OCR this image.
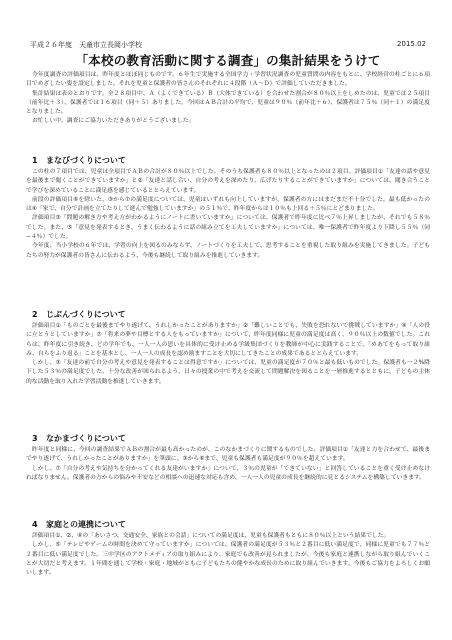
平成２６年度　天童市立長岡小学校	2015.02
「本校の教育活動に関する調査」の集計結果をうけて

今年度調査の評価項目は、昨年度とほぼ同じものです。６年生で実施する全国学力・学習状況調査の児童質問の内容をもとに、学校経営の柱ごとに６項目でめざしたい姿を設定しました。それを児童と保護者の皆さんのそれぞれに４段階（Ａ〜Ｄ）で評価していただきました。

集計結果は表のとおりです。全２８項目中、Ａ（よくできている）Ｂ（大体できている）を合わせた割合が８０％以上をしめたのは、児童では２５項目（前年比＋３）、保護者では１６項目（同＋５）ありました。今回はＡＢ合計の平均で、児童は９０％（前年比＋６）、保護者は７５％（同＋１）の満足度となりました。

お忙しい中、調査にご協力いただきありがとうございました。

1 まなびづくりについて

この柱の７項目では、児童は全項目でＡＢの合計が８０％以上でした。そのうち保護者も８０％以上となったのは２項目。評価項目①「友達の話や意見を最後まで聞くことができていますか」と②「友達と話し合い、自分の考えを深めたり、広げたりすることができていますか」については、聞き合うことで学びを深めていることに満足感を感じているととらえています。

前段の評価項目⑥を除いた、③から⑦の満足度については、児童はいずれも向上していますが、保護者の方にはまだまだ不十分でした。最も低かったのは④「家で、自分で計画を立てたりして進んで勉強していますか」の５１％で、昨年度からは１０％も上回る＋５％にとどまりました。

評価項目③「問題の解き方や考え方がわかるようにノートに書いていますか」については、保護者で昨年度に比べ７％上昇しましたが、それでも５８％でした。また、⑤「意見を発表するとき、うまく伝わるように話の組み立てを工夫していますか」については、唯一保護者で昨年度より下降し５５％（同−４％）でした。

今年度、当小学校の６年では、学習の向上を図るのみならず、ノートづくりを工夫して、思考することを重視した取り組みを実施してきました。子どもたちの努力が保護者の皆さんに伝わるよう、今後も継続して取り組みを推進していきます。

2 じぶんづくりについて

評価項目①「ものごとを最後までやり遂げて、うれしかったことがありますか」②「難しいことでも、失敗を恐れないで挑戦していますか」④「人の役に立とうとしていますか」⑦「将来の夢や目標とする人をもっていますか」について、昨年度同様に児童の満足度は高く、９０％以上の数値でした。これらは、昨年度に引き続き、どの学年でも、一人一人の思いを具体的に受け止める学級集団づくりを教師が中心に実践することで、「めあてをもって取り組み、自らをふり返る」ことを基本とし、一人一人の成長を認め励ますことを大切にしてきたことの成果であるととらえています。

しかし、③「友達の前で自分の考えや意見を発表することは得意ですか」については、児童の満足度が７０％と最も低いものでした。保護者も一２%降下した５３％の満足度でした。十分な改善が図られるよう、日々の授業の中で考えを交流して問題解決を図ることを一層推進するとともに、子どもの主体的な活動を取り入れた学習活動を推進していきます。

3 なかまづくりについて

昨年度と同様に、今回の調査結果でＡＢの割合が最も高かったのが、このなかまづくりに関するものでした。評価項目①「友達と力を合わせて、最後までやり遂げて、うれしかったことがありますか」を筆頭に、③から⑥まで、児童も保護者も満足度が９０％を超えています。

しかし、⑦「自分の考えや気持ちを分かってくれる友達がいますか」について、３％の児童が「できていない」と回答していることを重く受け止めなければなりません。保護者の方からの悩みや不安などの相談への迅速な対応も含め、一人一人の児童の成長を継続的に見とるシステムを構築していきます。

4 家庭との連携について

評価項目①、②、④の「あいさつ、交通安全、家族との会話」についての満足度は、児童も保護者もともに８０％以上という結果でした。

しかし、⑤「テレビやゲームの時間を決めて守っていますか」については、保護者の満足度が５３％と２番目に低い満足度で、同様に児童でも７７％と２番目に低い満足度でした。三中学区のアクトメディアの取り組みにより、家庭でも改善が見られましたが、今後も家庭と連携しながら取り組んでいくことが大切だと考えます。１年間を通して学校・家庭・地域がともに子どもたちの健やかな成長のために取り組んでいきます。今後もご協力をよろしくお願いします。
